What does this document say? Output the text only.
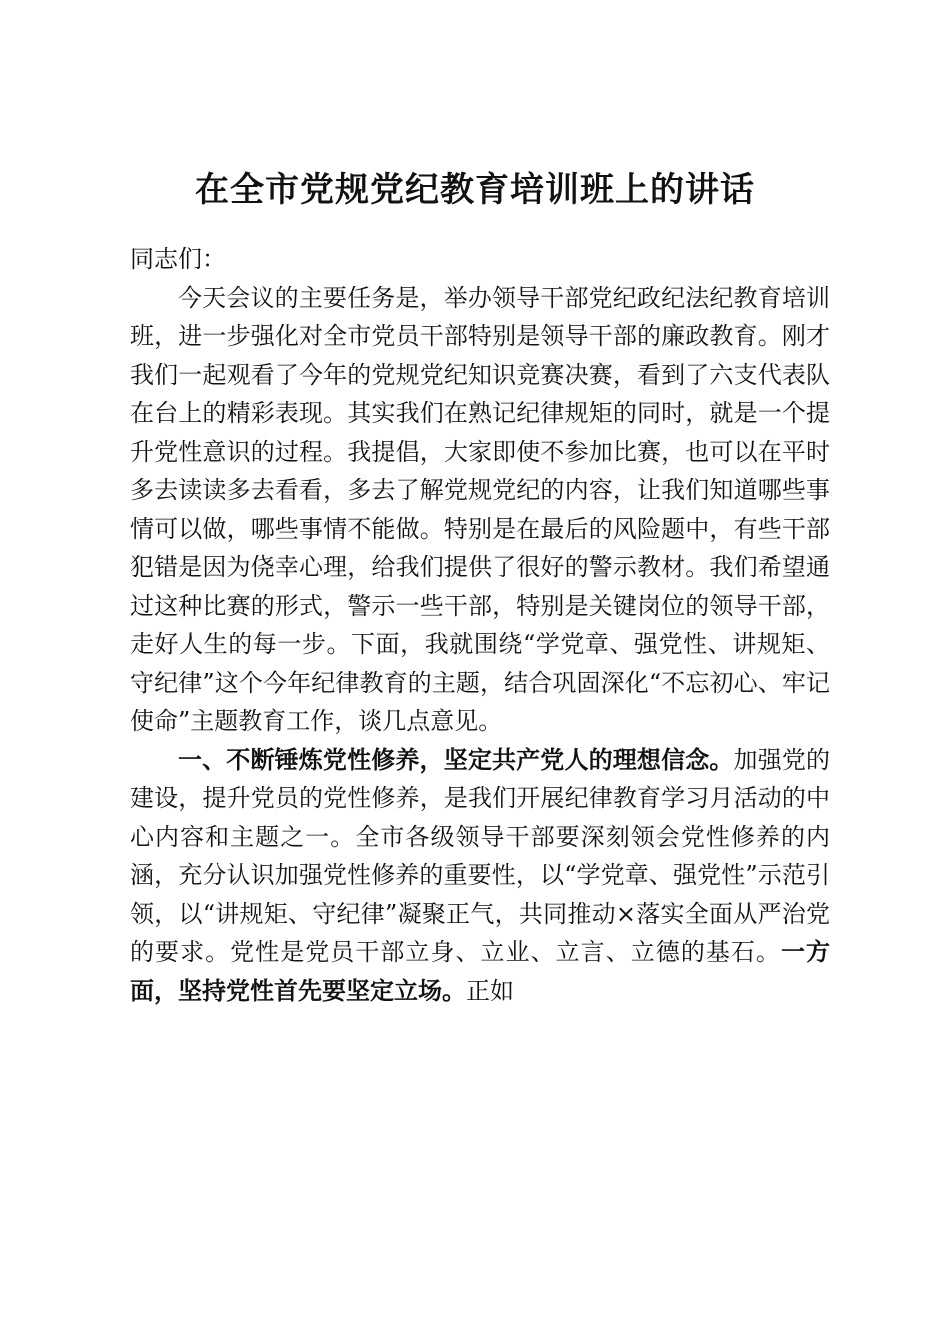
在全市党规党纪教育培训班上的讲话

同志们：

今天会议的主要任务是，举办领导干部党纪政纪法纪教育培训班，进一步强化对全市党员干部特别是领导干部的廉政教育。刚才我们一起观看了今年的党规党纪知识竞赛决赛，看到了六支代表队在台上的精彩表现。其实我们在熟记纪律规矩的同时，就是一个提升党性意识的过程。我提倡，大家即使不参加比赛，也可以在平时多去读读多去看看，多去了解党规党纪的内容，让我们知道哪些事情可以做，哪些事情不能做。特别是在最后的风险题中，有些干部犯错是因为侥幸心理，给我们提供了很好的警示教材。我们希望通过这种比赛的形式，警示一些干部，特别是关键岗位的领导干部，走好人生的每一步。下面，我就围绕“学党章、强党性、讲规矩、守纪律”这个今年纪律教育的主题，结合巩固深化“不忘初心、牢记使命”主题教育工作，谈几点意见。

一、不断锤炼党性修养，坚定共产党人的理想信念。加强党的建设，提升党员的党性修养，是我们开展纪律教育学习月活动的中心内容和主题之一。全市各级领导干部要深刻领会党性修养的内涵，充分认识加强党性修养的重要性，以“学党章、强党性”示范引领，以“讲规矩、守纪律”凝聚正气，共同推动×落实全面从严治党的要求。党性是党员干部立身、立业、立言、立德的基石。一方面，坚持党性首先要坚定立场。正如
